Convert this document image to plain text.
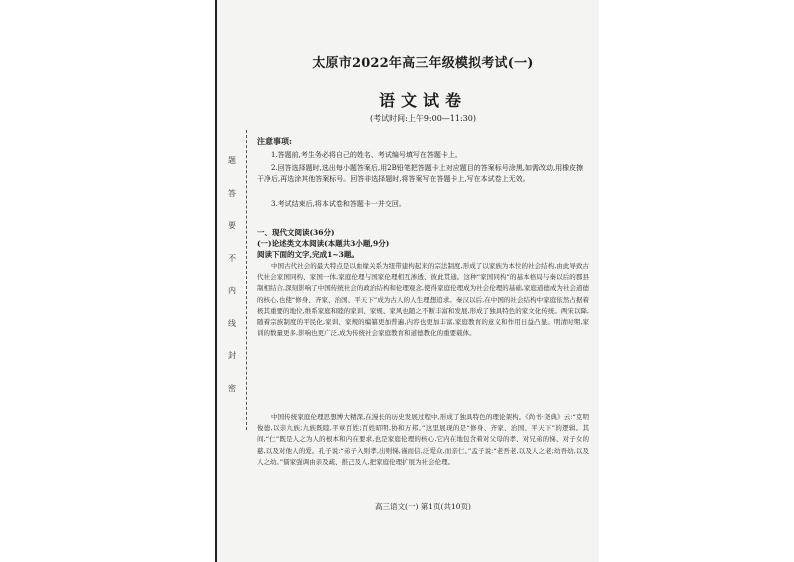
题
答
要
不
内
线
封
密
太原市2022年高三年级模拟考试(一)
语文试卷
(考试时间:上午9:00—11:30)
注意事项:
1.答题前,考生务必将自己的姓名、考试编号填写在答题卡上。
2.回答选择题时,选出每小题答案后,用2B铅笔把答题卡上对应题目的答案标号涂黑,如需改动,用橡皮擦干净后,再选涂其他答案标号。回答非选择题时,将答案写在答题卡上,写在本试卷上无效。
3.考试结束后,将本试卷和答题卡一并交回。
一、现代文阅读(36分)
(一)论述类文本阅读(本题共3小题,9分)
阅读下面的文字,完成1~3题。
中国古代社会的最大特点是以血缘关系为纽带建构起来的宗法制度,形成了以家族为本位的社会结构,由此导致古代社会家国同构、家国一体,家庭伦理与国家伦理相互渗透、彼此贯通。这种“家国同构”的基本格局与秦以后的郡县制相结合,深刻影响了中国传统社会的政治结构和伦理观念,使得家庭伦理成为社会伦理的基础,家庭道德成为社会道德的核心,也使“修身、齐家、治国、平天下”成为古人的人生理想追求。秦汉以后,在中国的社会结构中家庭依然占据着极其重要的地位,维系家庭和睦的家训、家规、家风也随之不断丰富和发展,形成了独具特色的家文化传统。两宋以降,随着宗族制度的平民化,家训、家规的编纂更加普遍,内容也更加丰富,家庭教育的意义和作用日益凸显。明清时期,家训的数量更多,影响也更广泛,成为传统社会家庭教育和道德教化的重要载体。
中国传统家庭伦理思想博大精深,在漫长的历史发展过程中,形成了独具特色的理论架构。《尚书·尧典》云:“克明俊德,以亲九族;九族既睦,平章百姓;百姓昭明,协和万邦。”这里展现的是“修身、齐家、治国、平天下”的逻辑。其间,“仁”既是人之为人的根本和内在要求,也是家庭伦理的核心,它内在地包含着对父母的孝、对兄弟的悌、对子女的慈,以及对他人的爱。孔子说:“弟子入则孝,出则悌,谨而信,泛爱众,而亲仁。”孟子说:“老吾老,以及人之老;幼吾幼,以及人之幼。”儒家强调由亲及疏、推己及人,把家庭伦理扩展为社会伦理。
高三语文(一) 第1页(共10页)
